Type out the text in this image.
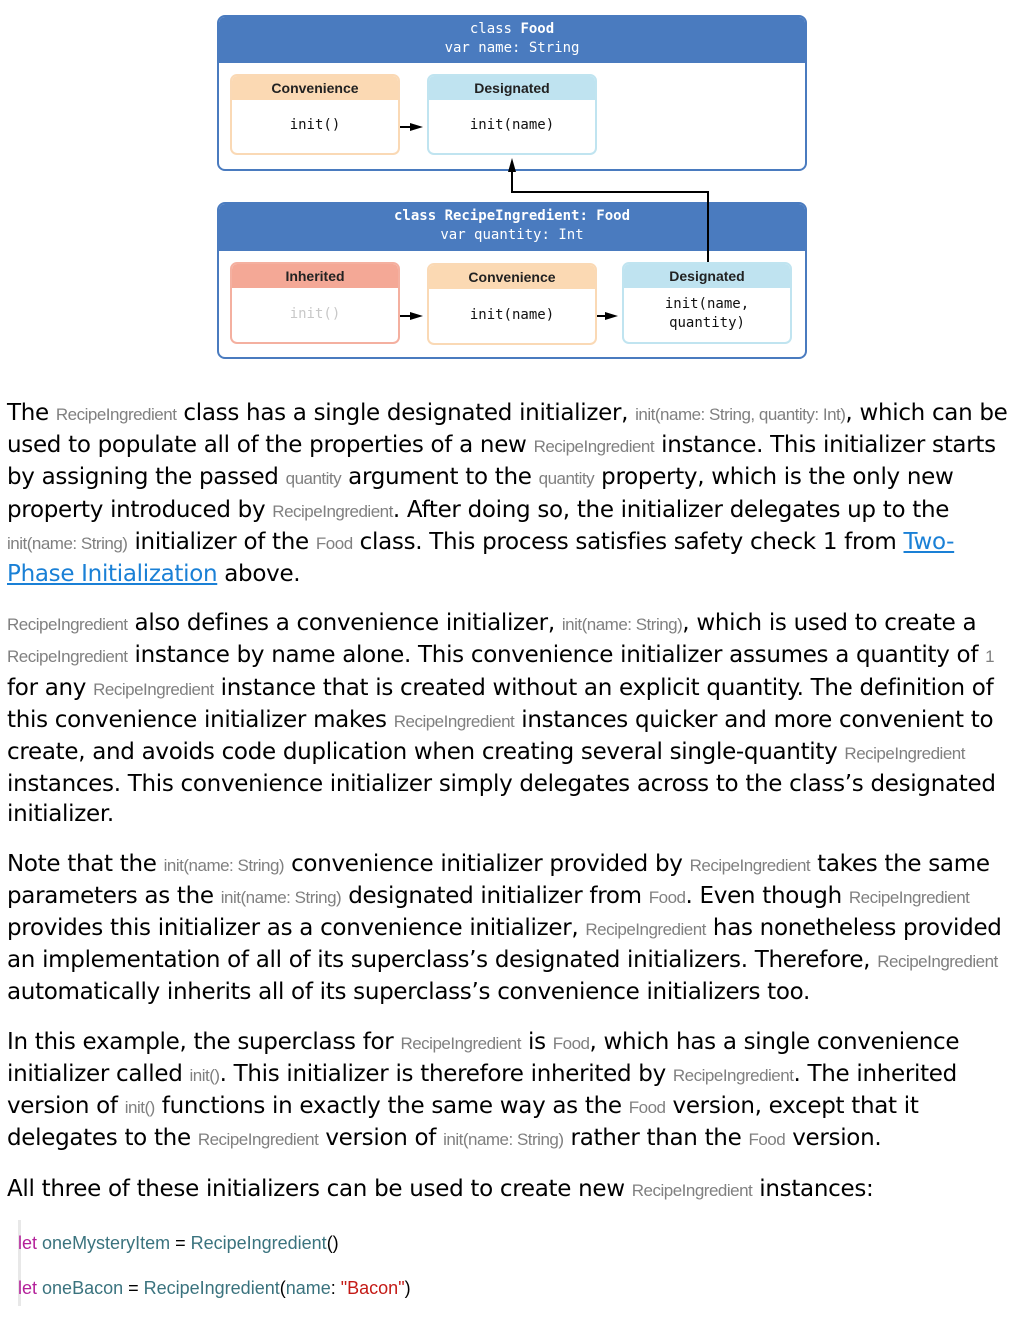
class Food
var name: String
Convenience
init()
Designated
init(name)
class RecipeIngredient: Food
var quantity: Int
Inherited
init()
Convenience
init(name)
Designated
init(name,
quantity)

The RecipeIngredient class has a single designated initializer, init(name: String, quantity: Int), which can be used to populate all of the properties of a new RecipeIngredient instance. This initializer starts by assigning the passed quantity argument to the quantity property, which is the only new property introduced by RecipeIngredient. After doing so, the initializer delegates up to the init(name: String) initializer of the Food class. This process satisfies safety check 1 from Two-Phase Initialization above.

RecipeIngredient also defines a convenience initializer, init(name: String), which is used to create a RecipeIngredient instance by name alone. This convenience initializer assumes a quantity of 1 for any RecipeIngredient instance that is created without an explicit quantity. The definition of this convenience initializer makes RecipeIngredient instances quicker and more convenient to create, and avoids code duplication when creating several single-quantity RecipeIngredient instances. This convenience initializer simply delegates across to the class’s designated initializer.

Note that the init(name: String) convenience initializer provided by RecipeIngredient takes the same parameters as the init(name: String) designated initializer from Food. Even though RecipeIngredient provides this initializer as a convenience initializer, RecipeIngredient has nonetheless provided an implementation of all of its superclass’s designated initializers. Therefore, RecipeIngredient automatically inherits all of its superclass’s convenience initializers too.

In this example, the superclass for RecipeIngredient is Food, which has a single convenience initializer called init(). This initializer is therefore inherited by RecipeIngredient. The inherited version of init() functions in exactly the same way as the Food version, except that it delegates to the RecipeIngredient version of init(name: String) rather than the Food version.

All three of these initializers can be used to create new RecipeIngredient instances:

let oneMysteryItem = RecipeIngredient()
let oneBacon = RecipeIngredient(name: "Bacon")
